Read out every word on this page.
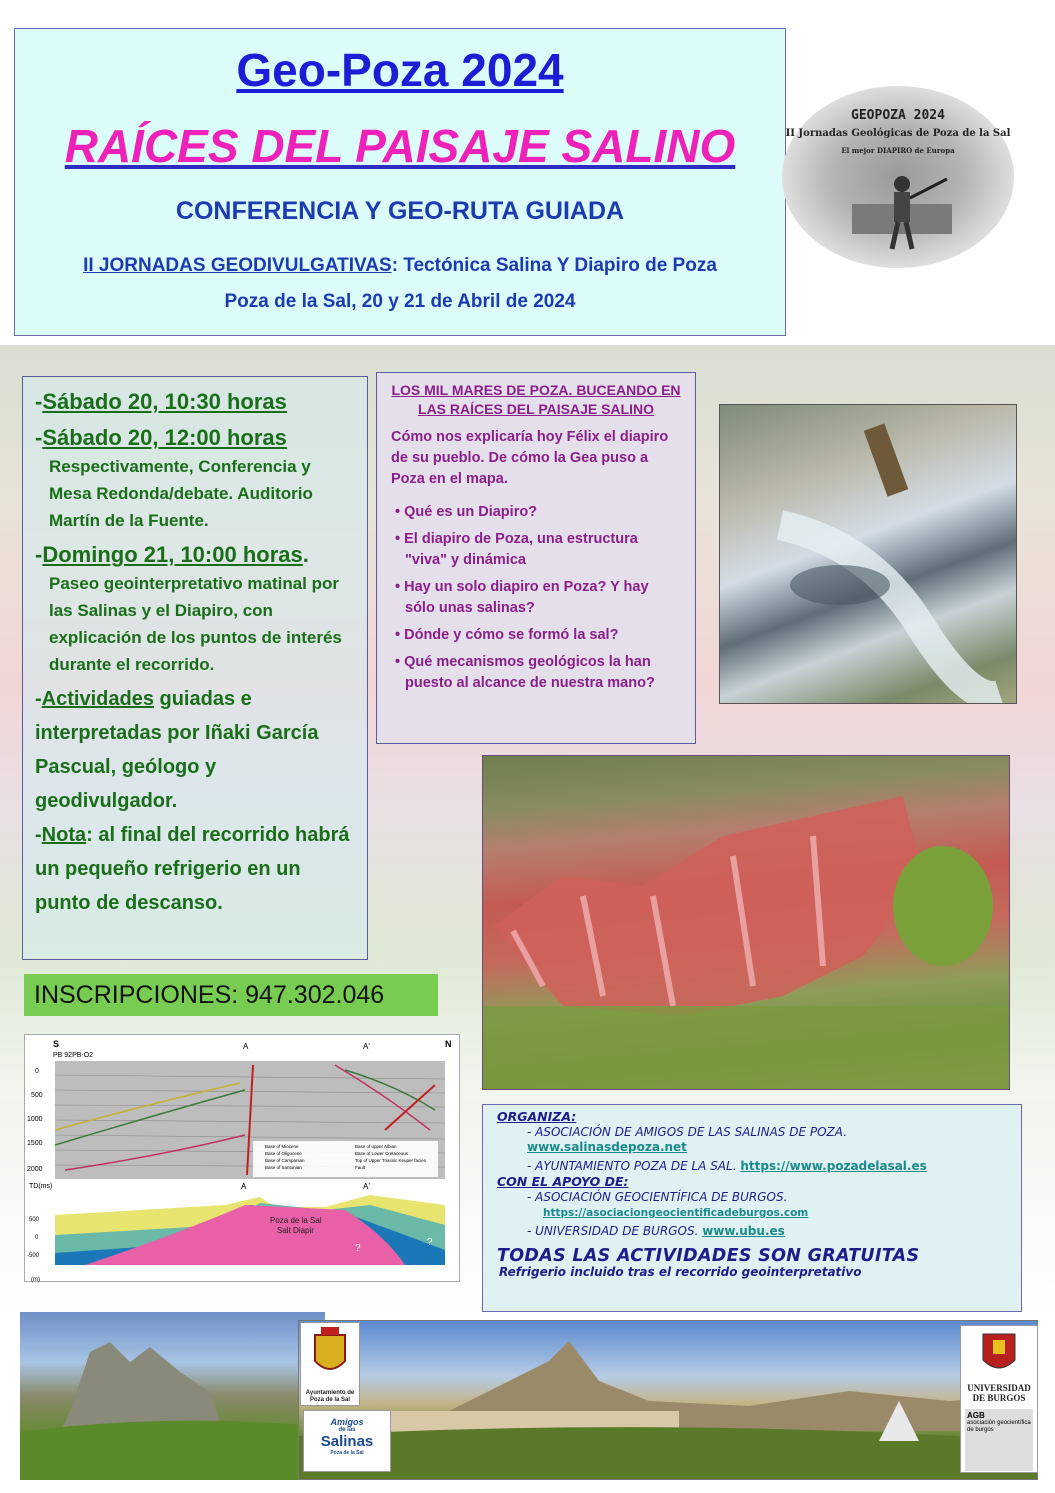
Geo-Poza 2024
RAÍCES DEL PAISAJE SALINO
CONFERENCIA Y GEO-RUTA GUIADA
II JORNADAS GEODIVULGATIVAS: Tectónica Salina Y Diapiro de Poza
Poza de la Sal, 20 y 21 de Abril de 2024
GEOPOZA 2024
II Jornadas Geológicas de Poza de la Sal
El mejor DIAPIRO de Europa
-Sábado 20, 10:30 horas
-Sábado 20, 12:00 horas
Respectivamente, Conferencia y Mesa Redonda/debate. Auditorio Martín de la Fuente.
-Domingo 21, 10:00 horas.
Paseo geointerpretativo matinal por las Salinas y el Diapiro, con explicación de los puntos de interés durante el recorrido.
-Actividades guiadas e interpretadas por Iñaki García Pascual, geólogo y geodivulgador.
-Nota: al final del recorrido habrá un pequeño refrigerio en un punto de descanso.
LOS MIL MARES DE POZA. BUCEANDO EN LAS RAÍCES DEL PAISAJE SALINO
Cómo nos explicaría hoy Félix el diapiro de su pueblo. De cómo la Gea puso a Poza en el mapa.
• Qué es un Diapiro?
• El diapiro de Poza, una estructura "viva" y dinámica
• Hay un solo diapiro en Poza? Y hay sólo unas salinas?
• Dónde y cómo se formó la sal?
• Qué mecanismos geológicos la han puesto al alcance de nuestra mano?
INSCRIPCIONES: 947.302.046
S	N
A	A'
PB 92PB-O2
0
500
1000
1500
2000
Base of Miocene
Base of Oligocene
Base of Campanian
Base of Santonian
Base of upper Albian
Base of Lower Cretaceous
Top of Upper Triassic Keuper facies
Fault
TD(ms)	A	A'
Poza de la Sal
Salt Diapir
?
?
500
0
-500
(m)
ORGANIZA:
- ASOCIACIÓN DE AMIGOS DE LAS SALINAS DE POZA.
www.salinasdepoza.net
- AYUNTAMIENTO POZA DE LA SAL. https://www.pozadelasal.es
CON EL APOYO DE:
- ASOCIACIÓN GEOCIENTÍFICA DE BURGOS.
https://asociaciongeocientificadeburgos.com
- UNIVERSIDAD DE BURGOS. www.ubu.es
TODAS LAS ACTIVIDADES SON GRATUITAS
Refrigerio incluido tras el recorrido geointerpretativo
Ayuntamiento de Poza de la Sal
Amigos
de las
Salinas
Poza de la Sal
UNIVERSIDAD DE BURGOS
AGB
asociación geocientífica de burgos
